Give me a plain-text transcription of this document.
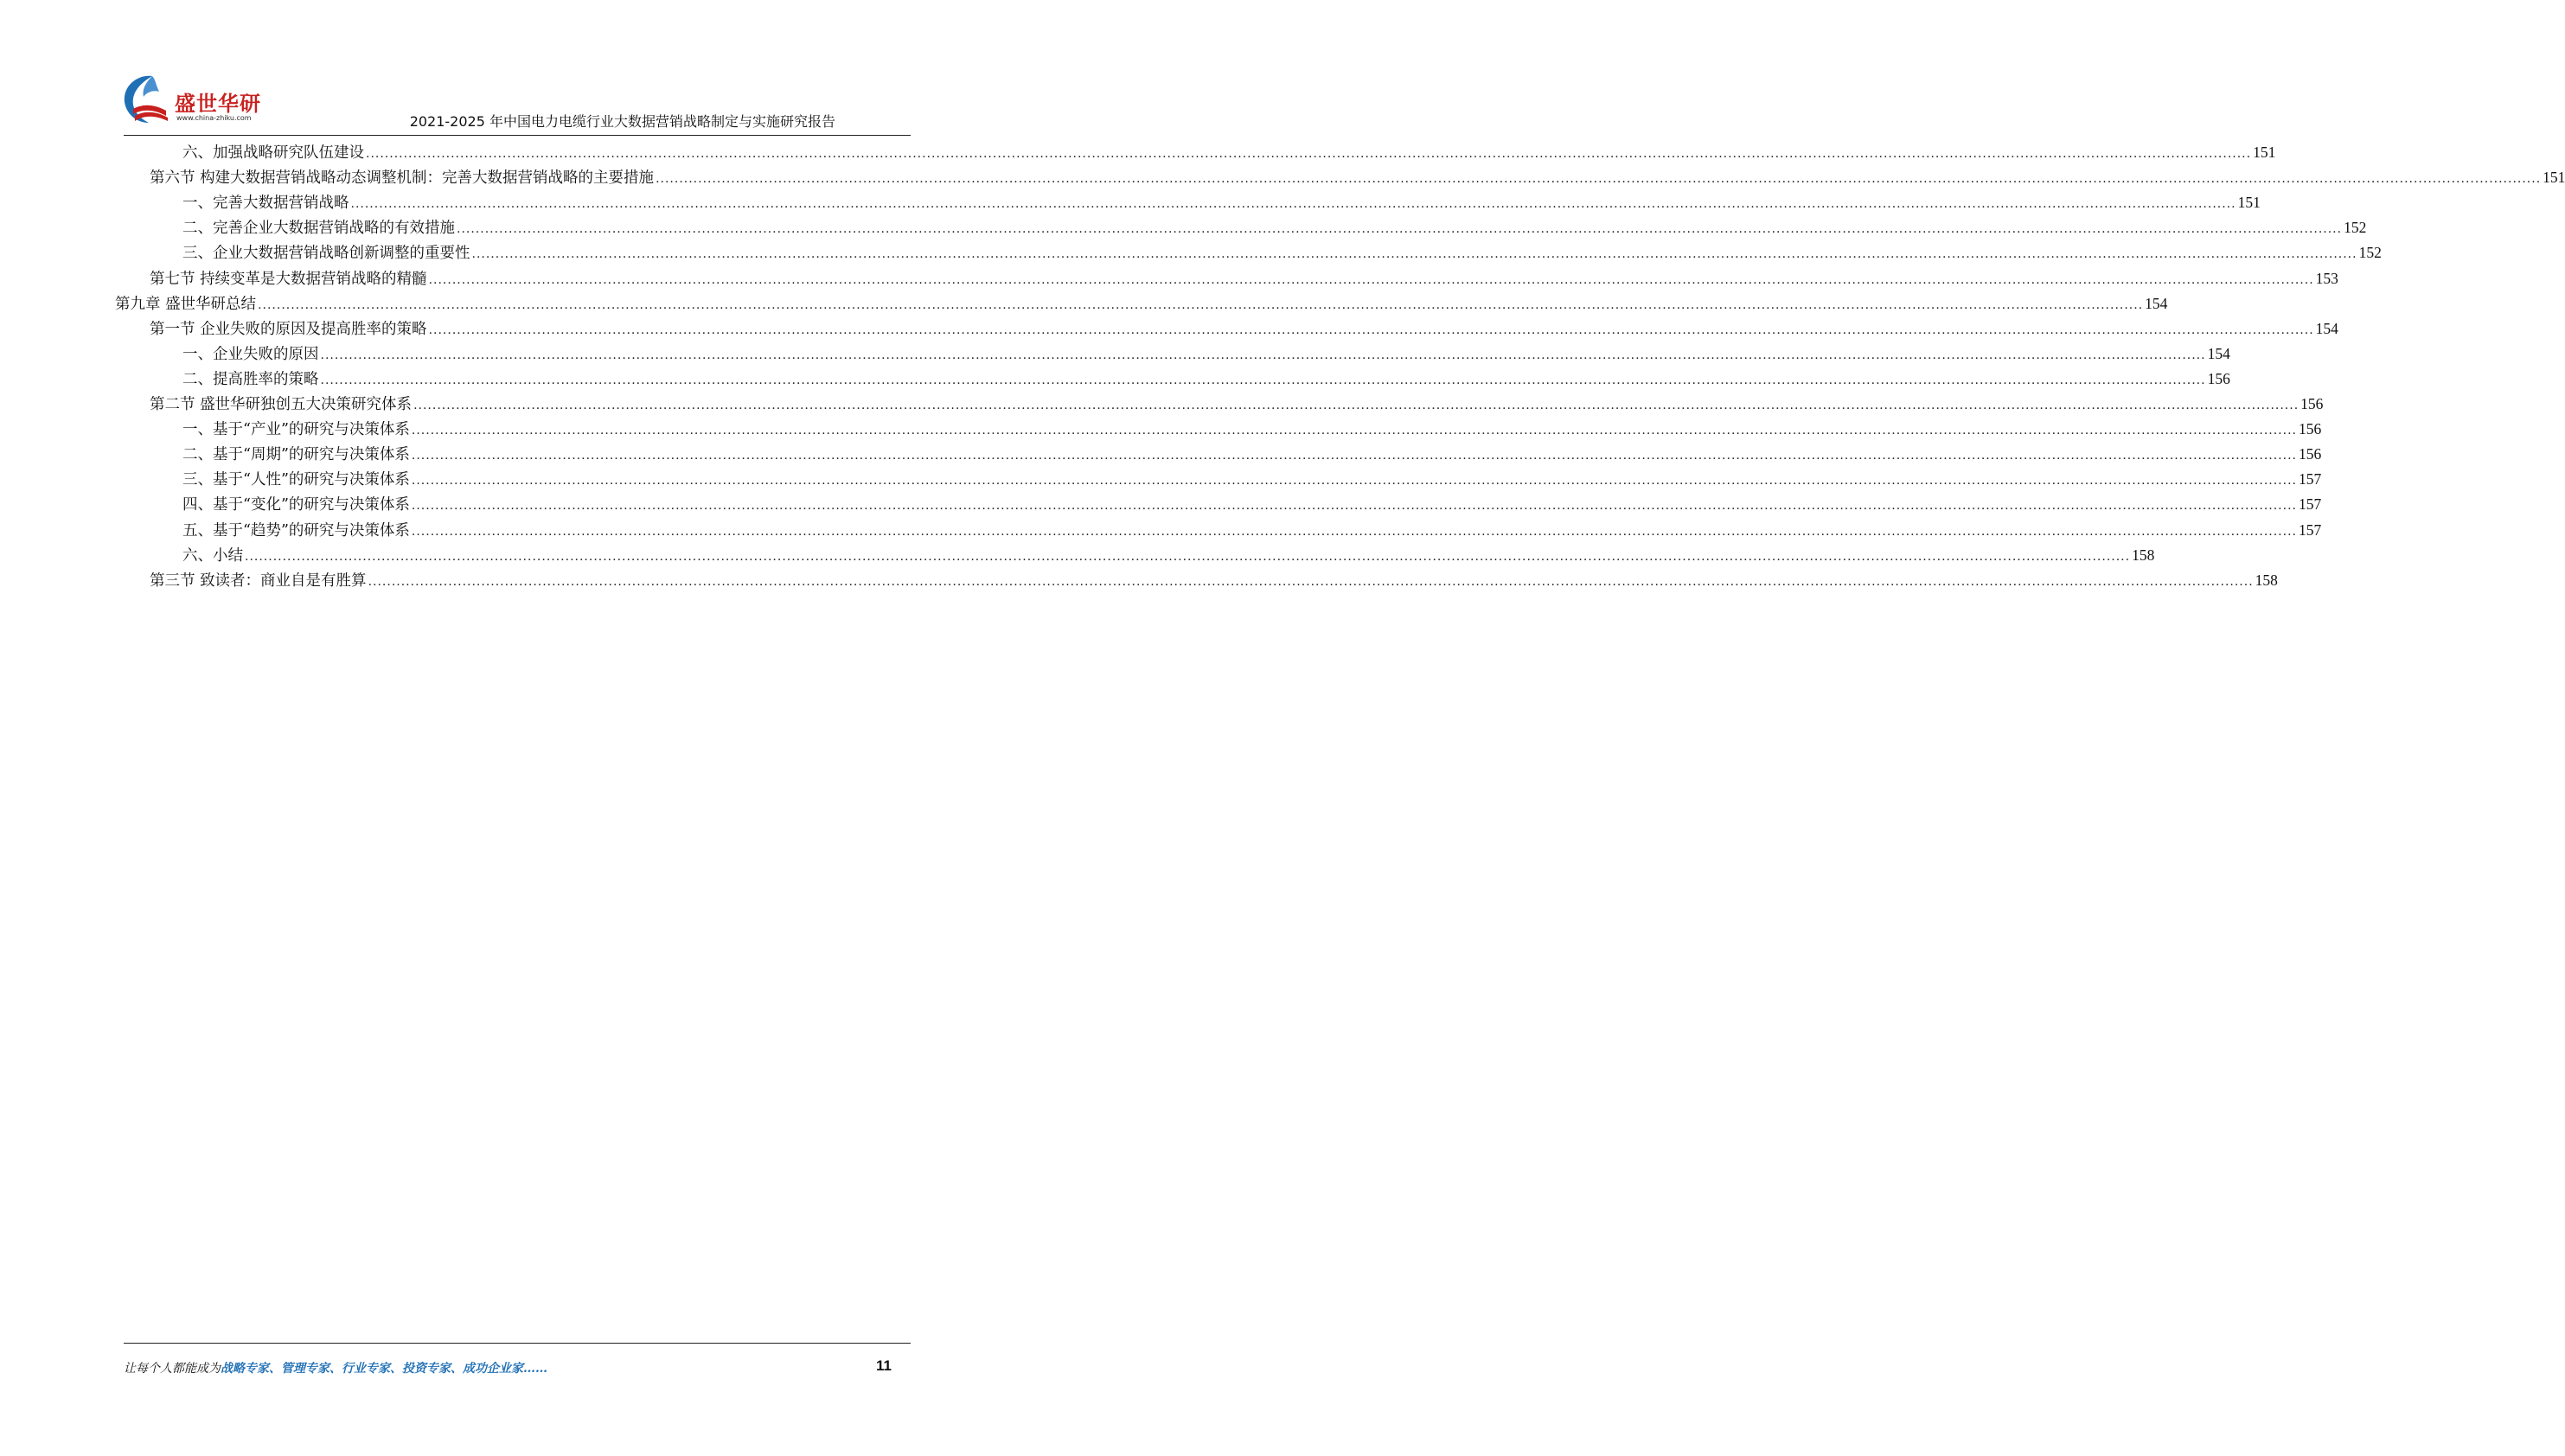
盛世华研
www.china-zhiku.com	2021-2025 年中国电力电缆行业大数据营销战略制定与实施研究报告
六、加强战略研究队伍建设 ................................................................................................................................................................................................................................................................................................................................................................................................................ 151
第六节 构建大数据营销战略动态调整机制：完善大数据营销战略的主要措施 ................................................................................................................................................................................................................................................................................................................................................................................................................ 151
一、完善大数据营销战略 ................................................................................................................................................................................................................................................................................................................................................................................................................ 151
二、完善企业大数据营销战略的有效措施 ................................................................................................................................................................................................................................................................................................................................................................................................................ 152
三、企业大数据营销战略创新调整的重要性 ................................................................................................................................................................................................................................................................................................................................................................................................................ 152
第七节 持续变革是大数据营销战略的精髓 ................................................................................................................................................................................................................................................................................................................................................................................................................ 153
第九章 盛世华研总结 ................................................................................................................................................................................................................................................................................................................................................................................................................ 154
第一节 企业失败的原因及提高胜率的策略 ................................................................................................................................................................................................................................................................................................................................................................................................................ 154
一、企业失败的原因 ................................................................................................................................................................................................................................................................................................................................................................................................................ 154
二、提高胜率的策略 ................................................................................................................................................................................................................................................................................................................................................................................................................ 156
第二节 盛世华研独创五大决策研究体系 ................................................................................................................................................................................................................................................................................................................................................................................................................ 156
一、基于“产业”的研究与决策体系 ................................................................................................................................................................................................................................................................................................................................................................................................................ 156
二、基于“周期”的研究与决策体系 ................................................................................................................................................................................................................................................................................................................................................................................................................ 156
三、基于“人性”的研究与决策体系 ................................................................................................................................................................................................................................................................................................................................................................................................................ 157
四、基于“变化”的研究与决策体系 ................................................................................................................................................................................................................................................................................................................................................................................................................ 157
五、基于“趋势”的研究与决策体系 ................................................................................................................................................................................................................................................................................................................................................................................................................ 157
六、小结 ................................................................................................................................................................................................................................................................................................................................................................................................................ 158
第三节 致读者：商业自是有胜算 ................................................................................................................................................................................................................................................................................................................................................................................................................ 158
让每个人都能成为战略专家、管理专家、行业专家、投资专家、成功企业家……	11
